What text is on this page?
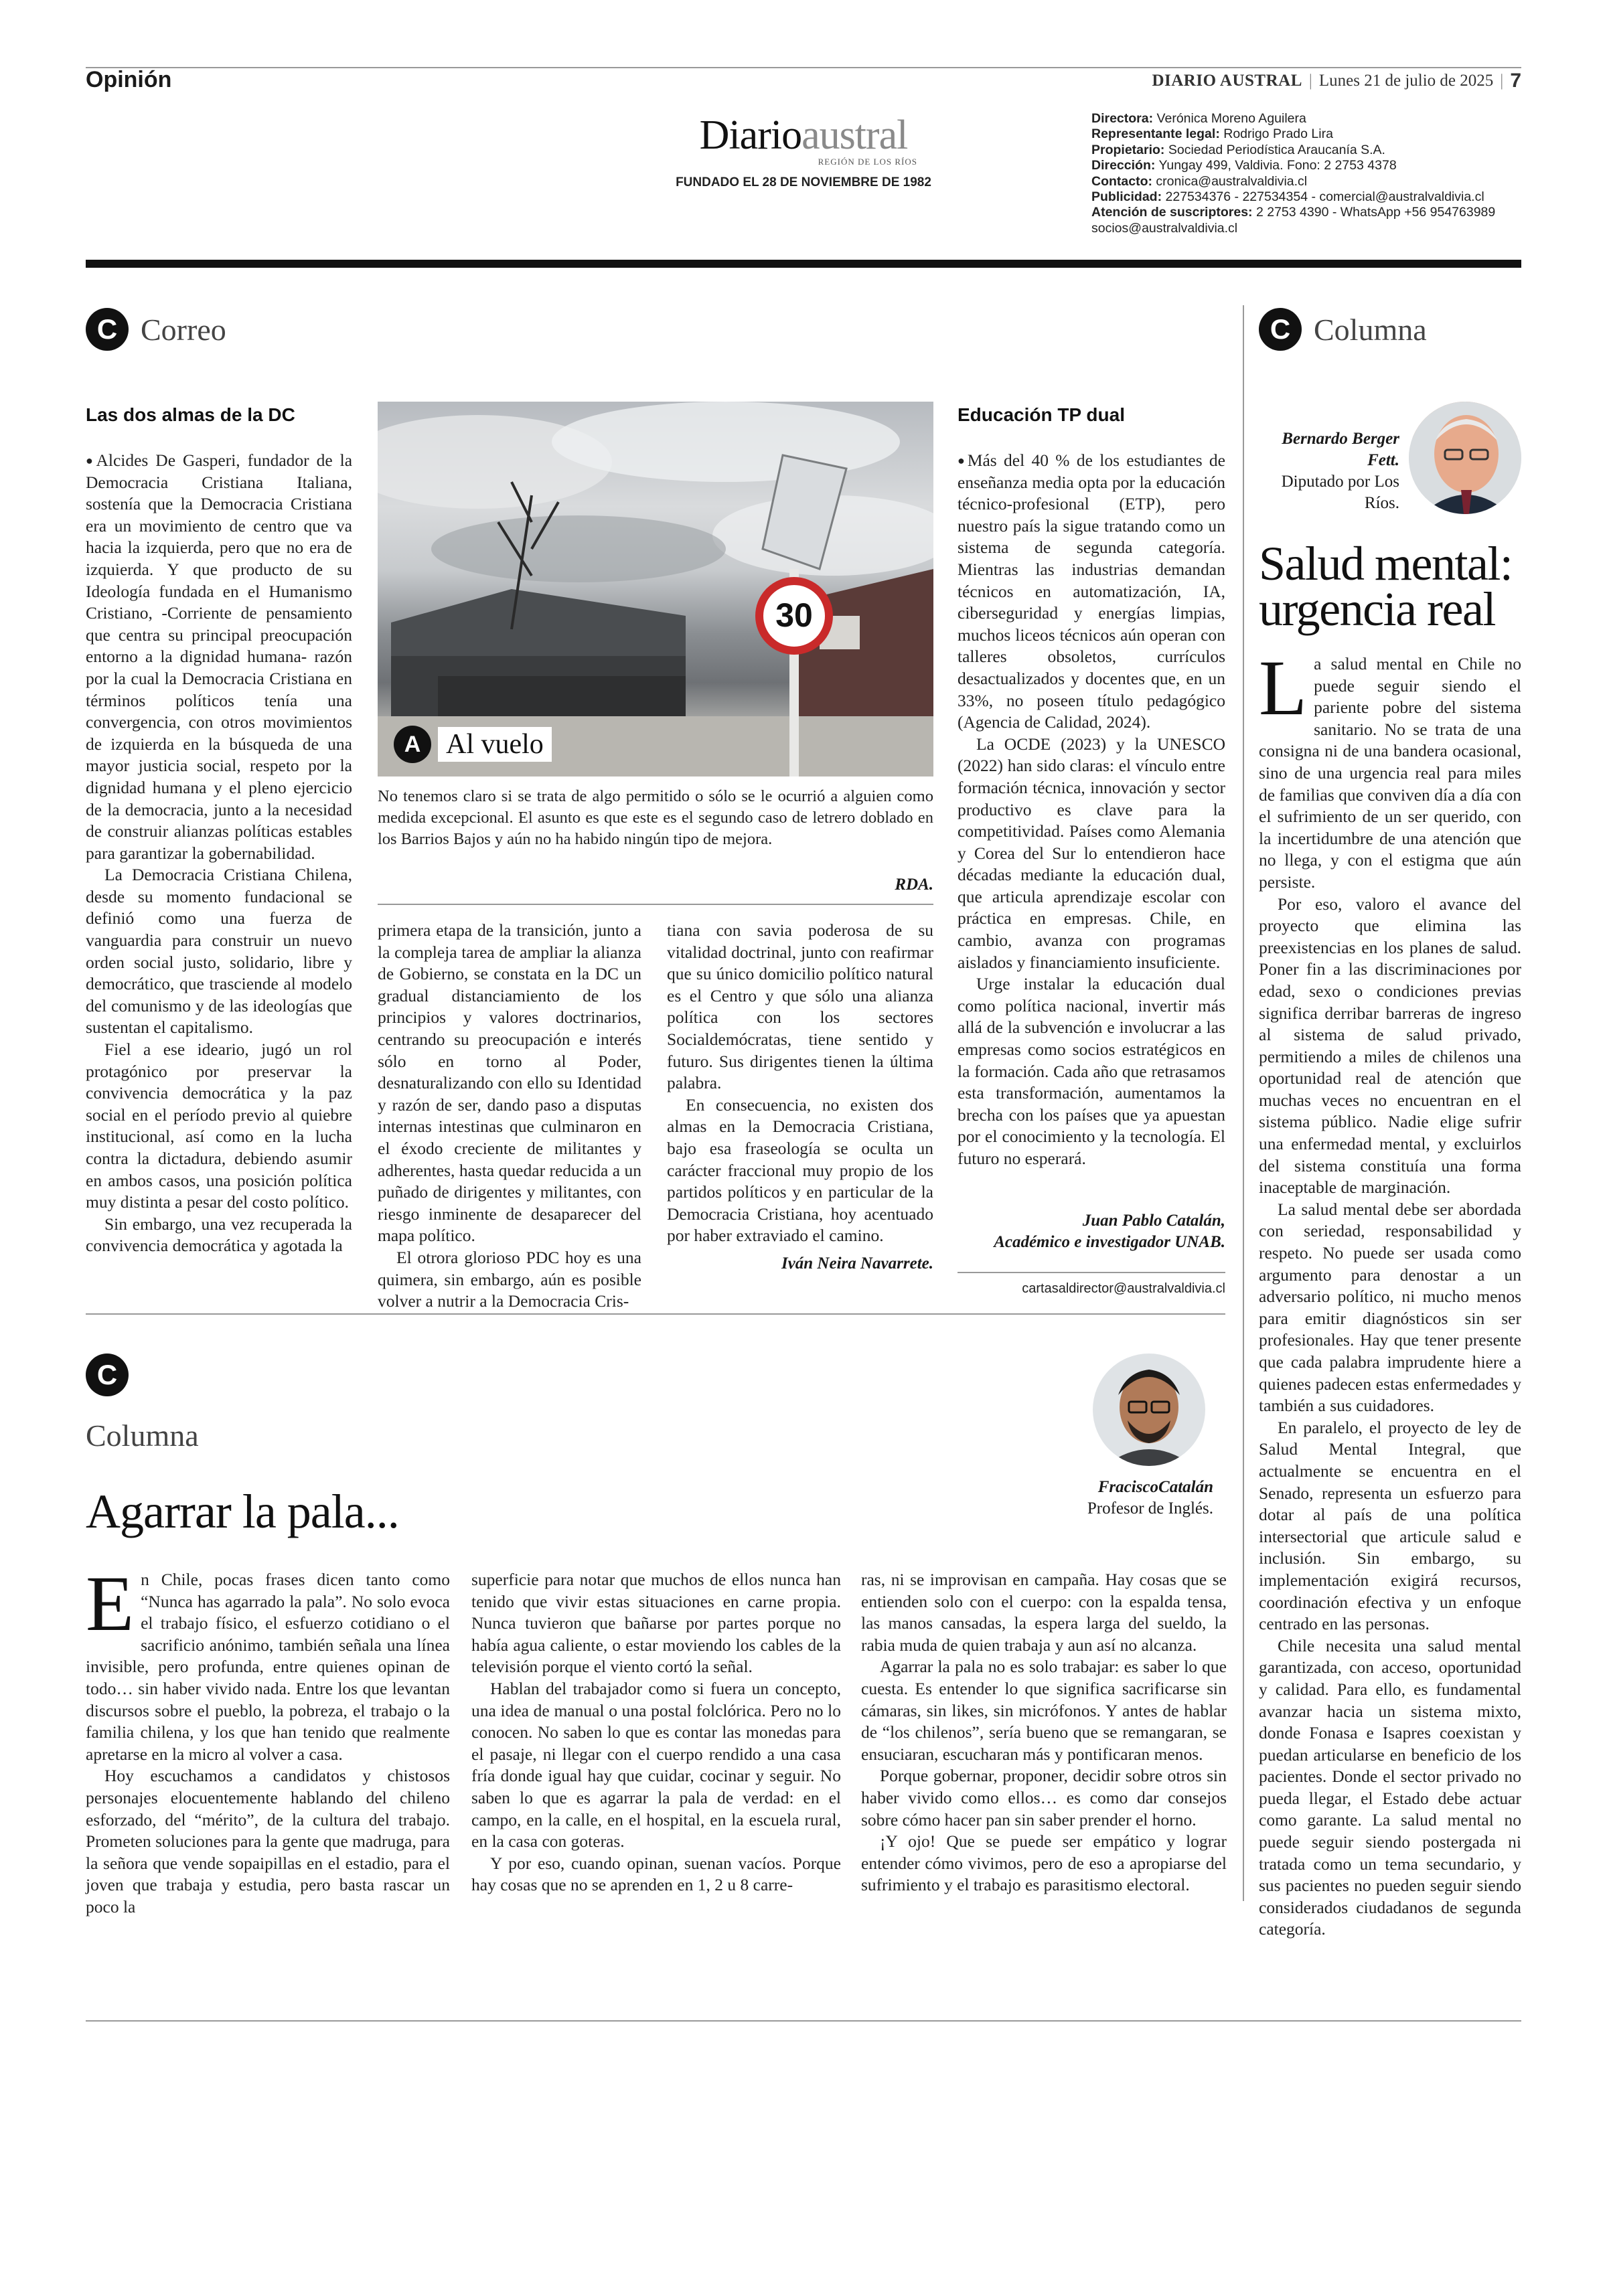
Opinión	DIARIO AUSTRAL | Lunes 21 de julio de 2025 | 7
Diarioaustral
REGIÓN DE LOS RÍOS
FUNDADO EL 28 DE NOVIEMBRE DE 1982
Directora: Verónica Moreno Aguilera
Representante legal: Rodrigo Prado Lira
Propietario: Sociedad Periodística Araucanía S.A.
Dirección: Yungay 499, Valdivia. Fono: 2 2753 4378
Contacto: cronica@australvaldivia.cl
Publicidad: 227534376 - 227534354 - comercial@australvaldivia.cl
Atención de suscriptores: 2 2753 4390 - WhatsApp +56 954763989
socios@australvaldivia.cl
C Correo
Las dos almas de la DC

● Alcides De Gasperi, fundador de la Democracia Cristiana Italiana, sostenía que la Democracia Cristiana era un movimiento de centro que va hacia la izquierda, pero que no era de izquierda. Y que producto de su Ideología fundada en el Humanismo Cristiano, -Corriente de pensamiento que centra su principal preocupación entorno a la dignidad humana- razón por la cual la Democracia Cristiana en términos políticos tenía una convergencia, con otros movimientos de izquierda en la búsqueda de una mayor justicia social, respeto por la dignidad humana y el pleno ejercicio de la democracia, junto a la necesidad de construir alianzas políticas estables para garantizar la gobernabilidad.

La Democracia Cristiana Chilena, desde su momento fundacional se definió como una fuerza de vanguardia para construir un nuevo orden social justo, solidario, libre y democrático, que trasciende al modelo del comunismo y de las ideologías que sustentan el capitalismo.

Fiel a ese ideario, jugó un rol protagónico por preservar la convivencia democrática y la paz social en el período previo al quiebre institucional, así como en la lucha contra la dictadura, debiendo asumir en ambos casos, una posición política muy distinta a pesar del costo político.

Sin embargo, una vez recuperada la convivencia democrática y agotada la

30
A Al vuelo

No tenemos claro si se trata de algo permitido o sólo se le ocurrió a alguien como medida excepcional. El asunto es que este es el segundo caso de letrero doblado en los Barrios Bajos y aún no ha habido ningún tipo de mejora.

RDA.

primera etapa de la transición, junto a la compleja tarea de ampliar la alianza de Gobierno, se constata en la DC un gradual distanciamiento de los principios y valores doctrinarios, centrando su preocupación e interés sólo en torno al Poder, desnaturalizando con ello su Identidad y razón de ser, dando paso a disputas internas intestinas que culminaron en el éxodo creciente de militantes y adherentes, hasta quedar reducida a un puñado de dirigentes y militantes, con riesgo inminente de desaparecer del mapa político.

El otrora glorioso PDC hoy es una quimera, sin embargo, aún es posible volver a nutrir a la Democracia Cris-

tiana con savia poderosa de su vitalidad doctrinal, junto con reafirmar que su único domicilio político natural es el Centro y que sólo una alianza política con los sectores Socialdemócratas, tiene sentido y futuro. Sus dirigentes tienen la última palabra.

En consecuencia, no existen dos almas en la Democracia Cristiana, bajo esa fraseología se oculta un carácter fraccional muy propio de los partidos políticos y en particular de la Democracia Cristiana, hoy acentuado por haber extraviado el camino.

Iván Neira Navarrete.
Educación TP dual

● Más del 40 % de los estudiantes de enseñanza media opta por la educación técnico-profesional (ETP), pero nuestro país la sigue tratando como un sistema de segunda categoría. Mientras las industrias demandan técnicos en automatización, IA, ciberseguridad y energías limpias, muchos liceos técnicos aún operan con talleres obsoletos, currículos desactualizados y docentes que, en un 33%, no poseen título pedagógico (Agencia de Calidad, 2024).

La OCDE (2023) y la UNESCO (2022) han sido claras: el vínculo entre formación técnica, innovación y sector productivo es clave para la competitividad. Países como Alemania y Corea del Sur lo entendieron hace décadas mediante la educación dual, que articula aprendizaje escolar con práctica en empresas. Chile, en cambio, avanza con programas aislados y financiamiento insuficiente.

Urge instalar la educación dual como política nacional, invertir más allá de la subvención e involucrar a las empresas como socios estratégicos en la formación. Cada año que retrasamos esta transformación, aumentamos la brecha con los países que ya apuestan por el conocimiento y la tecnología. El futuro no esperará.

Juan Pablo Catalán,
Académico e investigador UNAB.
cartasaldirector@australvaldivia.cl
C Columna
Bernardo Berger Fett.
Diputado por Los Ríos.
Salud mental:
urgencia real

La salud mental en Chile no puede seguir siendo el pariente pobre del sistema sanitario. No se trata de una consigna ni de una bandera ocasional, sino de una urgencia real para miles de familias que conviven día a día con el sufrimiento de un ser querido, con la incertidumbre de una atención que no llega, y con el estigma que aún persiste.

Por eso, valoro el avance del proyecto que elimina las preexistencias en los planes de salud. Poner fin a las discriminaciones por edad, sexo o condiciones previas significa derribar barreras de ingreso al sistema de salud privado, permitiendo a miles de chilenos una oportunidad real de atención que muchas veces no encuentran en el sistema público. Nadie elige sufrir una enfermedad mental, y excluirlos del sistema constituía una forma inaceptable de marginación.

La salud mental debe ser abordada con seriedad, responsabilidad y respeto. No puede ser usada como argumento para denostar a un adversario político, ni mucho menos para emitir diagnósticos sin ser profesionales. Hay que tener presente que cada palabra imprudente hiere a quienes padecen estas enfermedades y también a sus cuidadores.

En paralelo, el proyecto de ley de Salud Mental Integral, que actualmente se encuentra en el Senado, representa un esfuerzo para dotar al país de una política intersectorial que articule salud e inclusión. Sin embargo, su implementación exigirá recursos, coordinación efectiva y un enfoque centrado en las personas.

Chile necesita una salud mental garantizada, con acceso, oportunidad y calidad. Para ello, es fundamental avanzar hacia un sistema mixto, donde Fonasa e Isapres coexistan y puedan articularse en beneficio de los pacientes. Donde el sector privado no pueda llegar, el Estado debe actuar como garante. La salud mental no puede seguir siendo postergada ni tratada como un tema secundario, y sus pacientes no pueden seguir siendo considerados ciudadanos de segunda categoría.

C
Columna
FraciscoCatalán
Profesor de Inglés.
Agarrar la pala...

En Chile, pocas frases dicen tanto como “Nunca has agarrado la pala”. No solo evoca el trabajo físico, el esfuerzo cotidiano o el sacrificio anónimo, también señala una línea invisible, pero profunda, entre quienes opinan de todo… sin haber vivido nada. Entre los que levantan discursos sobre el pueblo, la pobreza, el trabajo o la familia chilena, y los que han tenido que realmente apretarse en la micro al volver a casa.

Hoy escuchamos a candidatos y chistosos personajes elocuentemente hablando del chileno esforzado, del “mérito”, de la cultura del trabajo. Prometen soluciones para la gente que madruga, para la señora que vende sopaipillas en el estadio, para el joven que trabaja y estudia, pero basta rascar un poco la

superficie para notar que muchos de ellos nunca han tenido que vivir estas situaciones en carne propia. Nunca tuvieron que bañarse por partes porque no había agua caliente, o estar moviendo los cables de la televisión porque el viento cortó la señal.

Hablan del trabajador como si fuera un concepto, una idea de manual o una postal folclórica. Pero no lo conocen. No saben lo que es contar las monedas para el pasaje, ni llegar con el cuerpo rendido a una casa fría donde igual hay que cuidar, cocinar y seguir. No saben lo que es agarrar la pala de verdad: en el campo, en la calle, en el hospital, en la escuela rural, en la casa con goteras.

Y por eso, cuando opinan, suenan vacíos. Porque hay cosas que no se aprenden en 1, 2 u 8 carre-

ras, ni se improvisan en campaña. Hay cosas que se entienden solo con el cuerpo: con la espalda tensa, las manos cansadas, la espera larga del sueldo, la rabia muda de quien trabaja y aun así no alcanza.

Agarrar la pala no es solo trabajar: es saber lo que cuesta. Es entender lo que significa sacrificarse sin cámaras, sin likes, sin micrófonos. Y antes de hablar de “los chilenos”, sería bueno que se remangaran, se ensuciaran, escucharan más y pontificaran menos.

Porque gobernar, proponer, decidir sobre otros sin haber vivido como ellos… es como dar consejos sobre cómo hacer pan sin saber prender el horno.

¡Y ojo! Que se puede ser empático y lograr entender cómo vivimos, pero de eso a apropiarse del sufrimiento y el trabajo es parasitismo electoral.
